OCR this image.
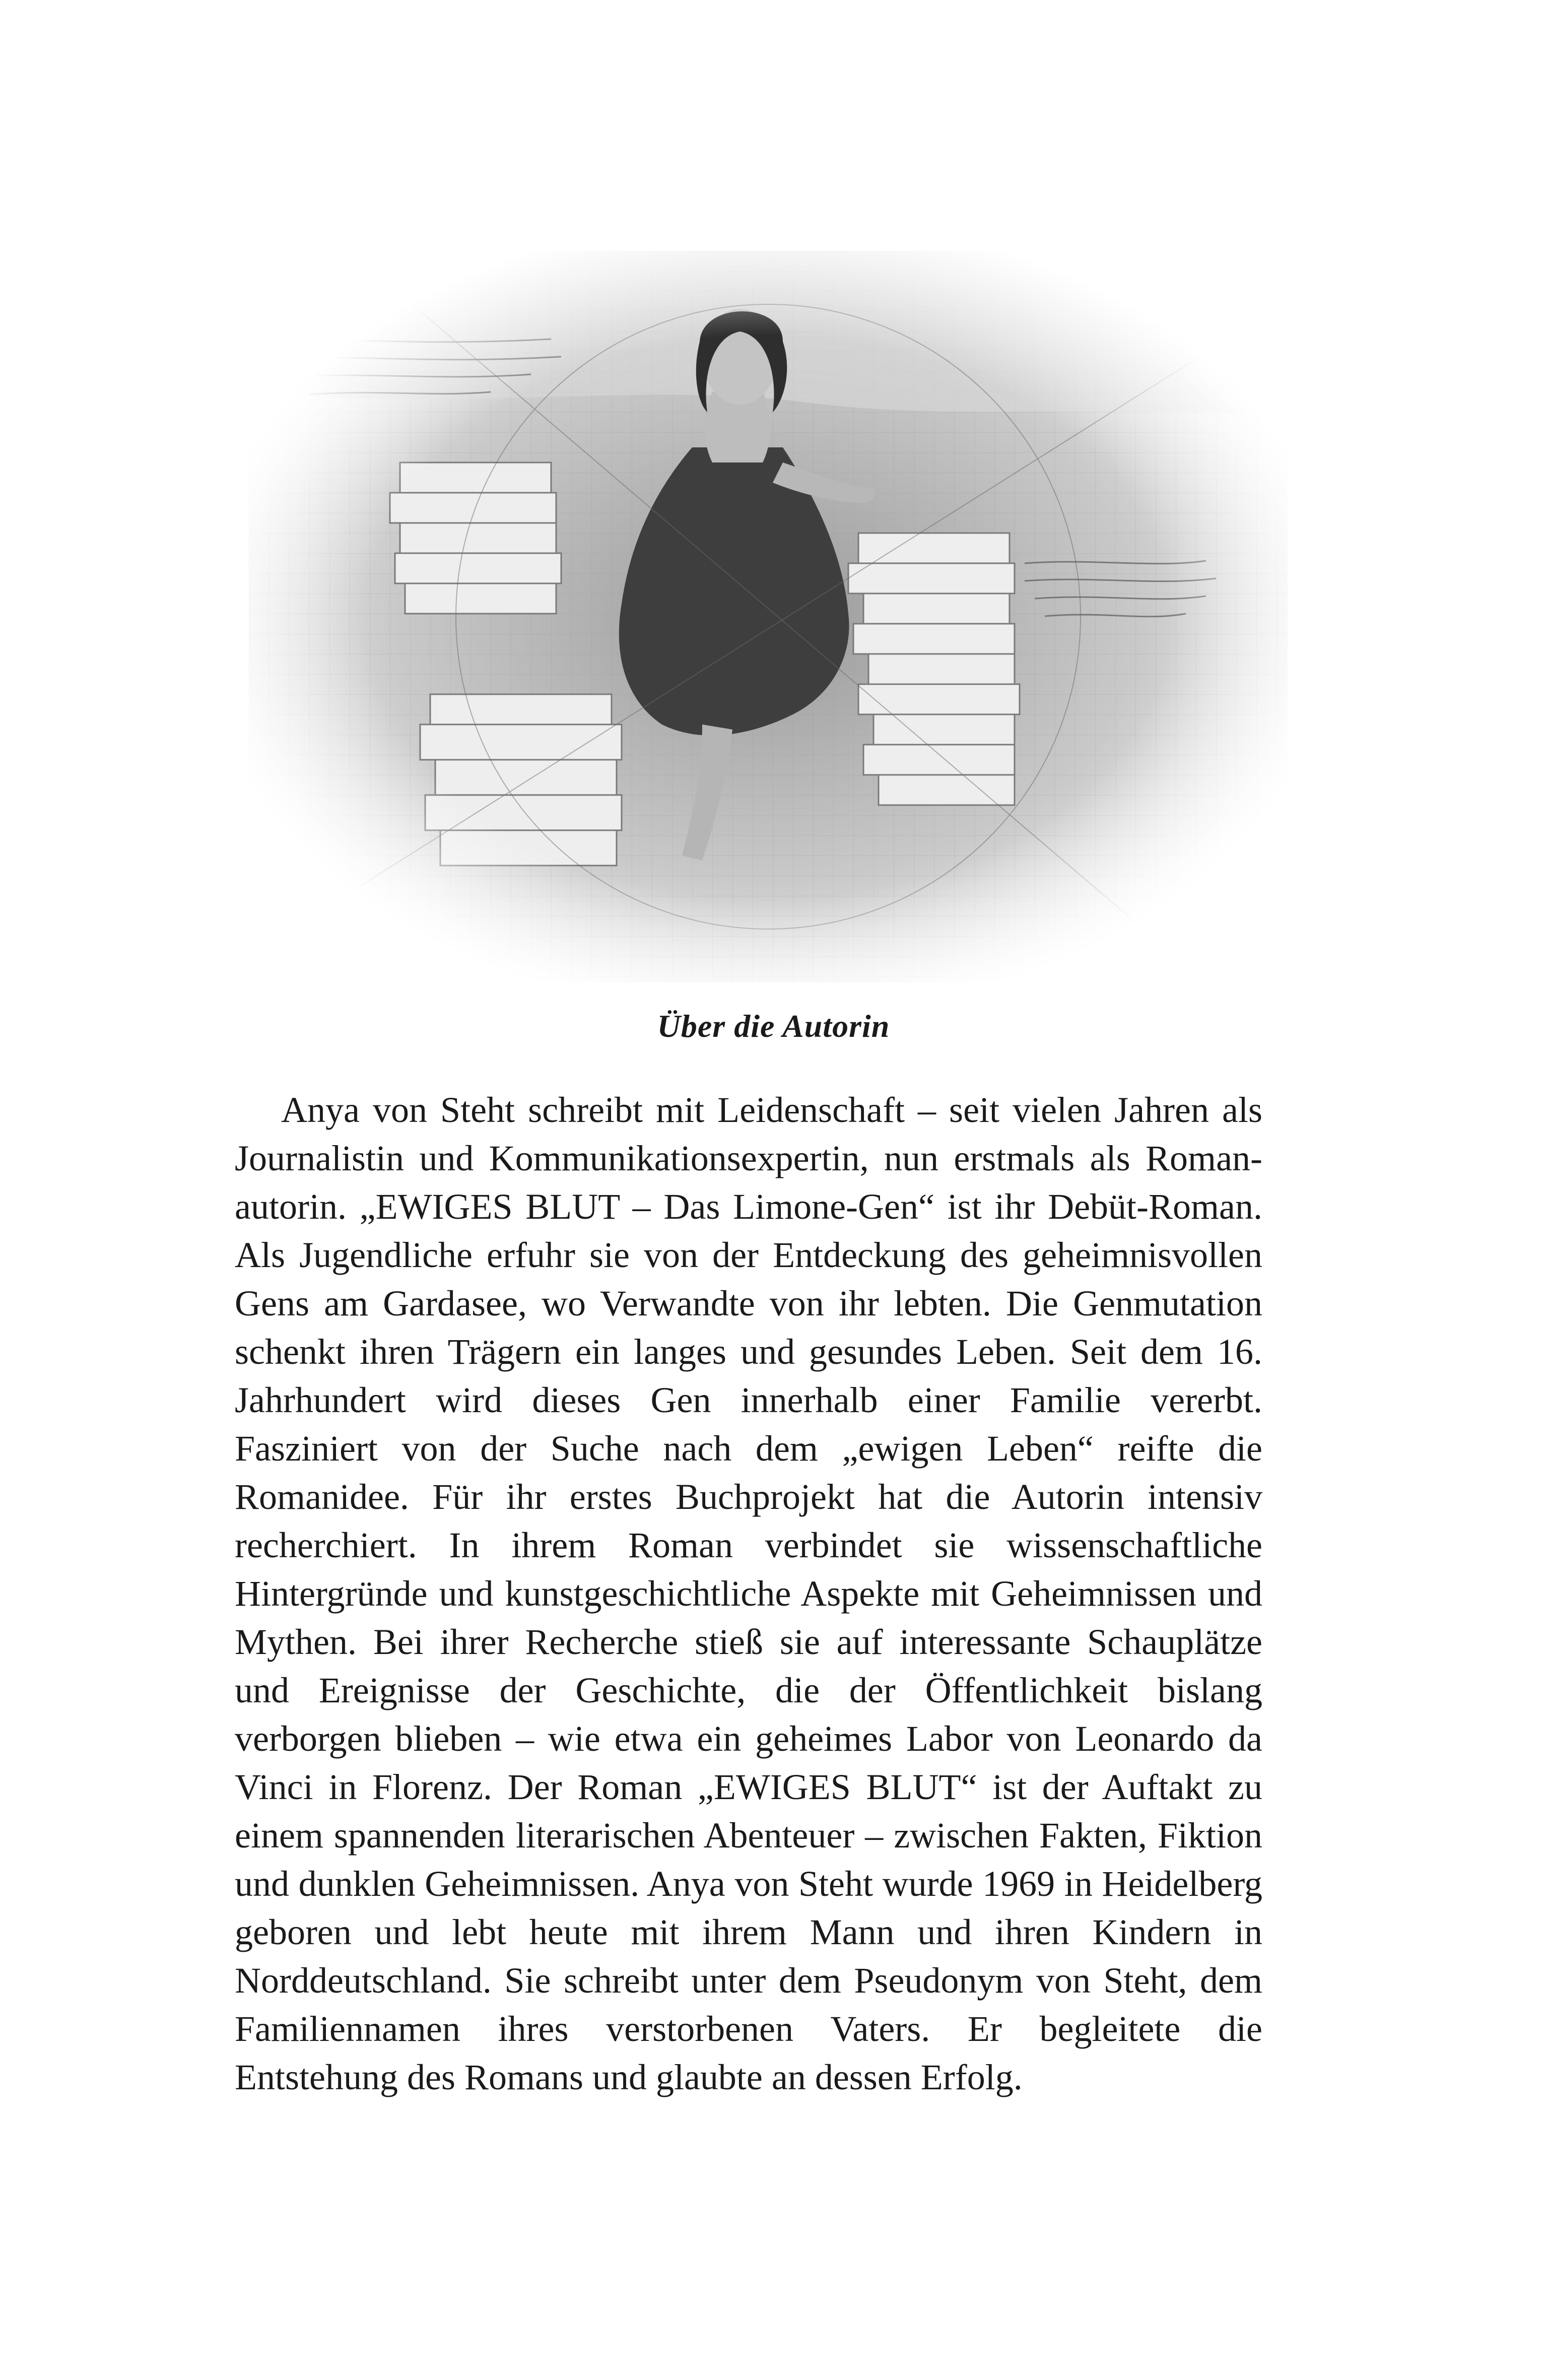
Über die Autorin

Anya von Steht schreibt mit Leidenschaft – seit vielen Jahren als Journalistin und Kommunikationsexpertin, nun erstmals als Roman-autorin. „EWIGES BLUT – Das Limone-Gen“ ist ihr Debüt-Roman. Als Jugendliche erfuhr sie von der Entdeckung des geheimnisvollen Gens am Gardasee, wo Verwandte von ihr lebten. Die Genmutation schenkt ihren Trägern ein langes und gesundes Leben. Seit dem 16. Jahrhundert wird dieses Gen innerhalb einer Familie vererbt. Fasziniert von der Suche nach dem „ewigen Leben“ reifte die Romanidee. Für ihr erstes Buchprojekt hat die Autorin intensiv recherchiert. In ihrem Roman verbindet sie wissenschaftliche Hintergründe und kunstgeschichtliche Aspekte mit Geheimnissen und Mythen. Bei ihrer Recherche stieß sie auf interessante Schauplätze und Ereignisse der Geschichte, die der Öffentlichkeit bislang verborgen blieben – wie etwa ein geheimes Labor von Leonardo da Vinci in Florenz. Der Roman „EWIGES BLUT“ ist der Auftakt zu einem spannenden literarischen Abenteuer – zwischen Fakten, Fiktion und dunklen Geheimnissen. Anya von Steht wurde 1969 in Heidelberg geboren und lebt heute mit ihrem Mann und ihren Kindern in Norddeutschland. Sie schreibt unter dem Pseudonym von Steht, dem Familiennamen ihres verstorbenen Vaters. Er begleitete die Entstehung des Romans und glaubte an dessen Erfolg.
